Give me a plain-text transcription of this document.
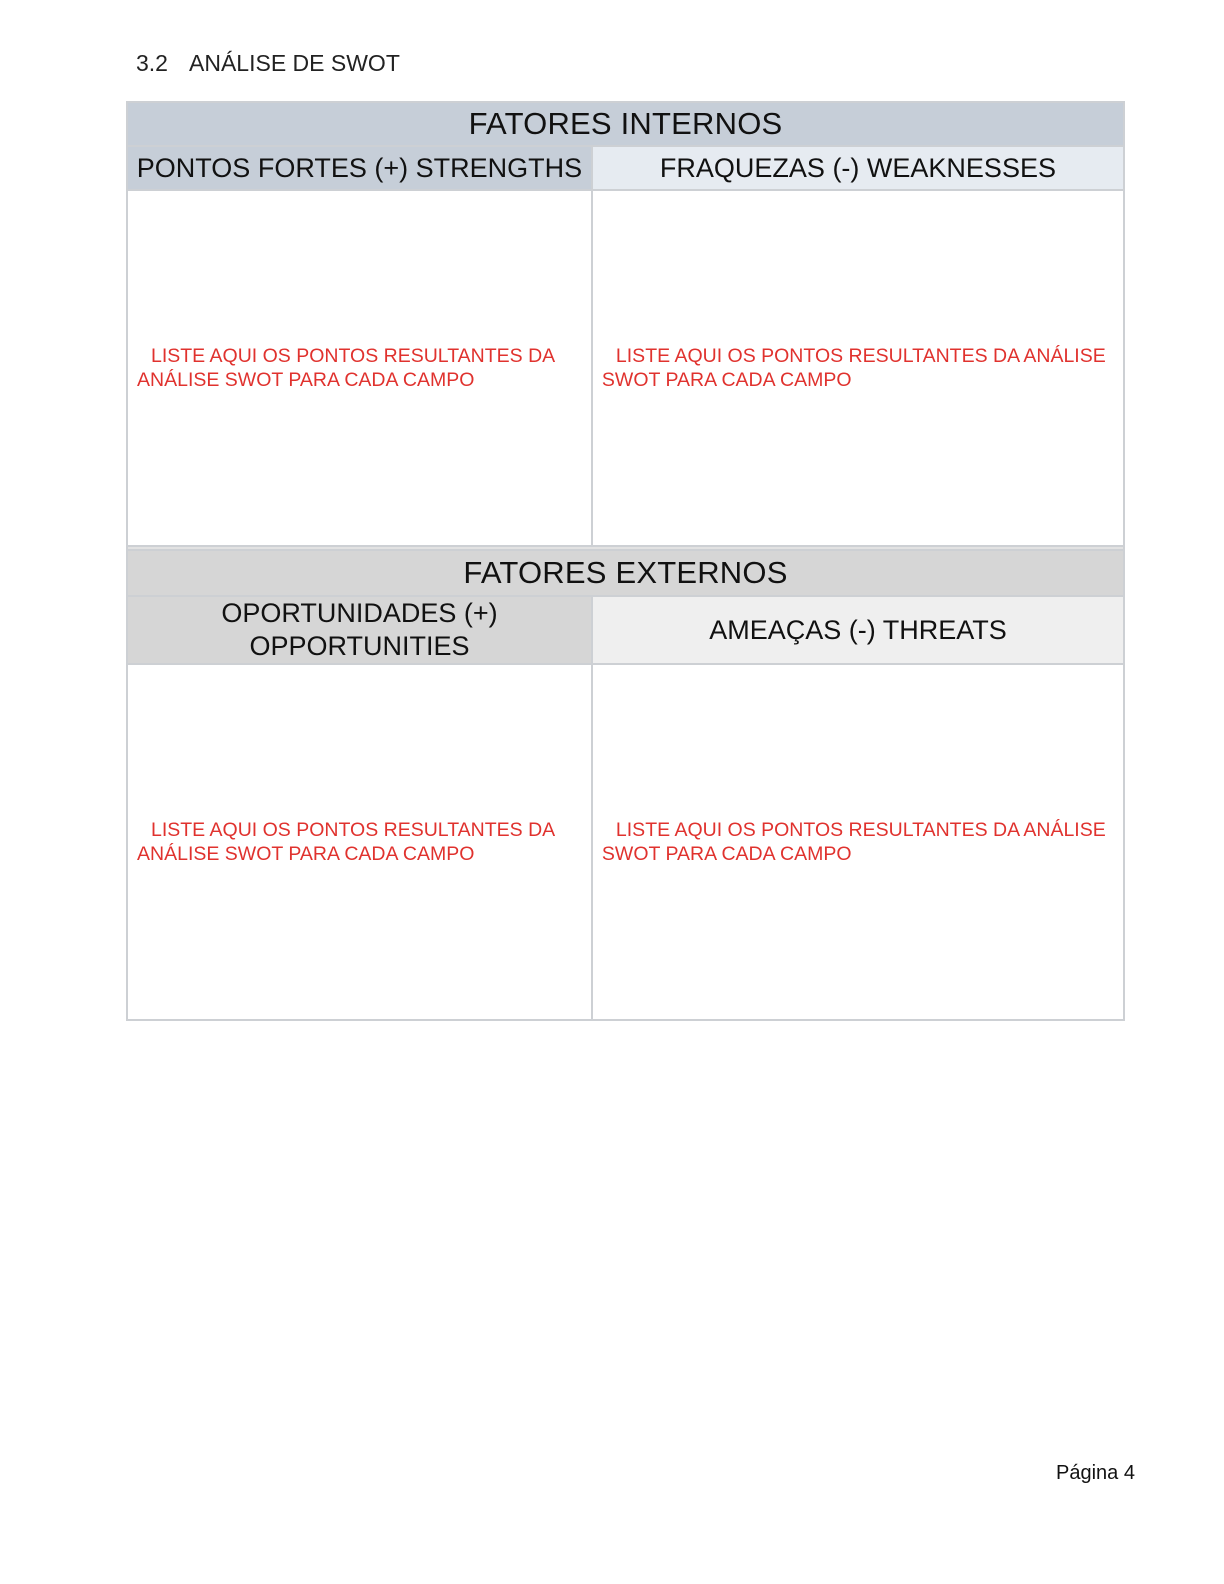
3.2 ANÁLISE DE SWOT
FATORES INTERNOS	
PONTOS FORTES (+) STRENGTHS	FRAQUEZAS (-) WEAKNESSES

LISTE AQUI OS PONTOS RESULTANTES DA ANÁLISE SWOT PARA CADA CAMPO	LISTE AQUI OS PONTOS RESULTANTES DA ANÁLISE SWOT PARA CADA CAMPO

FATORES EXTERNOS	

OPORTUNIDADES (+)
OPPORTUNITIES	AMEAÇAS (-) THREATS

LISTE AQUI OS PONTOS RESULTANTES DA ANÁLISE SWOT PARA CADA CAMPO	LISTE AQUI OS PONTOS RESULTANTES DA ANÁLISE SWOT PARA CADA CAMPO
Página 4
